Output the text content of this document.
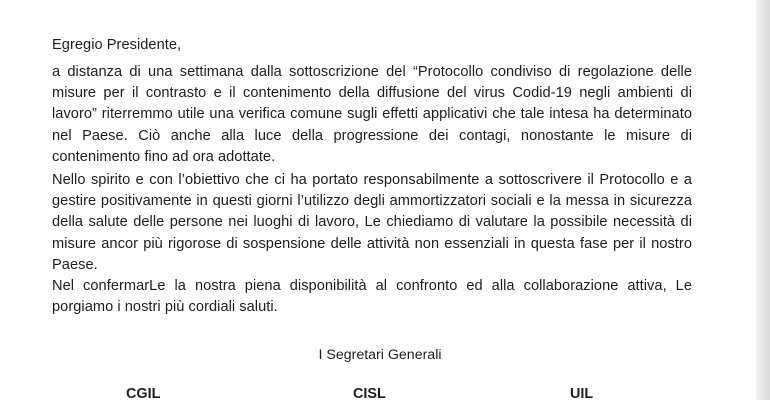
Egregio Presidente,

a distanza di una settimana dalla sottoscrizione del “Protocollo condiviso di regolazione delle misure per il contrasto e il contenimento della diffusione del virus Codid-19 negli ambienti di lavoro” riterremmo utile una verifica comune sugli effetti applicativi che tale intesa ha determinato nel Paese. Ciò anche alla luce della progressione dei contagi, nonostante le misure di contenimento fino ad ora adottate.

Nello spirito e con l’obiettivo che ci ha portato responsabilmente a sottoscrivere il Protocollo e a gestire positivamente in questi giorni l’utilizzo degli ammortizzatori sociali e la messa in sicurezza della salute delle persone nei luoghi di lavoro, Le chiediamo di valutare la possibile necessità di misure ancor più rigorose di sospensione delle attività non essenziali in questa fase per il nostro Paese.

Nel confermarLe la nostra piena disponibilità al confronto ed alla collaborazione attiva, Le porgiamo i nostri più cordiali saluti.

I Segretari Generali

CGIL	CISL	UIL
